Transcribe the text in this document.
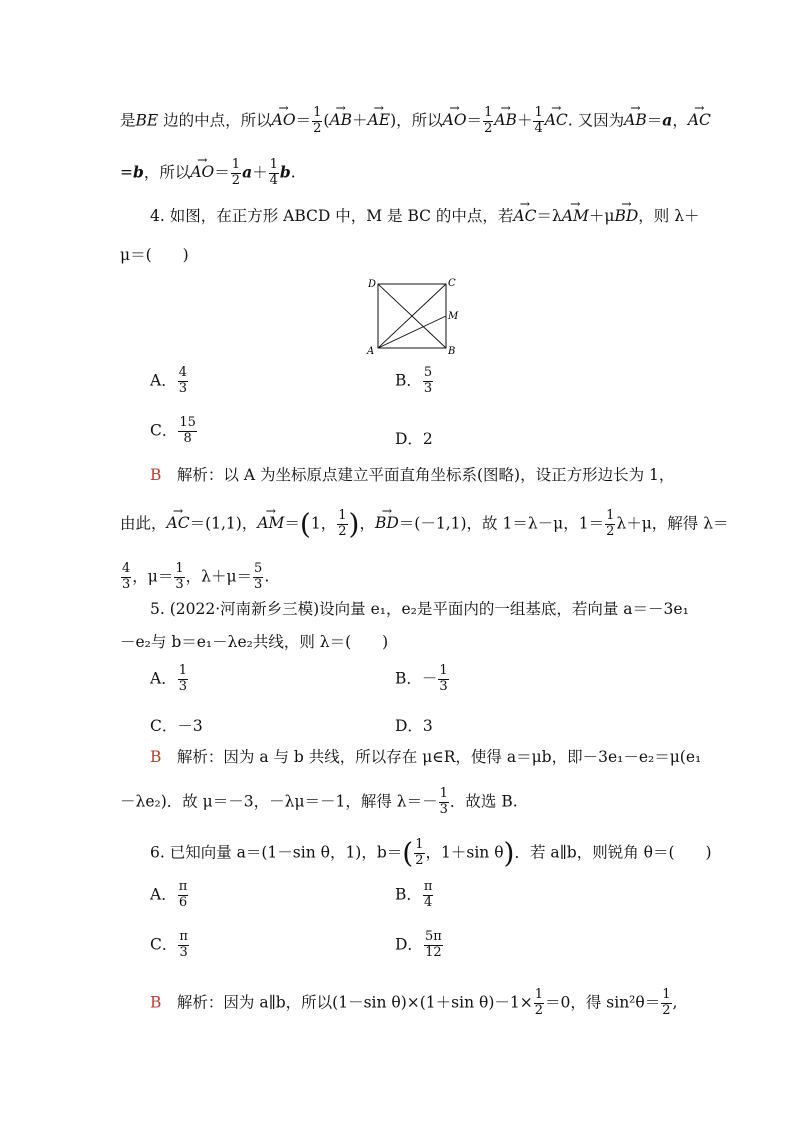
是BE 边的中点，所以→ $AO= \frac{1}{2}$ (→ AB＋→ AE)，所以→ $AO= \frac{1}{2}$
→ $AB+ \frac{1}{4}$
→ AC. 又因为→ AB＝a，→ AC
=b，所以→ $AO= \frac{1}{2} a+ \frac{1}{4} b$.
4. 如图，在正方形 ABCD 中，M 是 BC 的中点，若→ AC＝λ→ AM＋μ→ BD，则 λ＋
μ＝(　　)
D	C
M
A	B
A． $\frac{4}{3}$	B． $\frac{5}{3}$
C． $\frac{15}{8}$	D．2
B　 解析：以 A 为坐标原点建立平面直角坐标系(图略)，设正方形边长为 1，
由此，→ AC＝(1,1)，→ AM＝(1， $\frac{1}{2}$ )，→ BD＝(－1,1)，故 1＝λ－μ，$1= \frac{1}{2} \lambda+\mu$，解得 λ＝
$\frac{4}{3}$ ，$\mu= \frac{1}{3}$ ，$\lambda+\mu= \frac{5}{3}$ .
5. (2022·河南新乡三模)设向量 e₁，e₂是平面内的一组基底，若向量 a＝－3e₁
－e₂与 b＝e₁－λe₂共线，则 λ＝(　　)
A． $\frac{1}{3}$	B．－ $\frac{1}{3}$
C．－3	D．3
B　 解析：因为 a 与 b 共线，所以存在 μ∈R，使得 a＝μb，即－3e₁－e₂＝μ(e₁
－λe₂)．故 μ＝－3，－λμ＝－1，解得 $\lambda=- \frac{1}{3}$ ．故选 B.
6. 已知向量 a＝(1－sin θ，1)，$b=( \frac{1}{2}$ ，1＋sin θ)．若 a∥b，则锐角 θ＝(　　)
A． $\frac{\pi}{6}$	B． $\frac{\pi}{4}$
C． $\frac{\pi}{3}$	D． $\frac{5\pi}{12}$
B　 解析：因为 a∥b，所以(1－sin θ)×(1＋sin $\theta)-1\times \frac{1}{2} =0$，得 $\sin^2\theta= \frac{1}{2}$ ,
